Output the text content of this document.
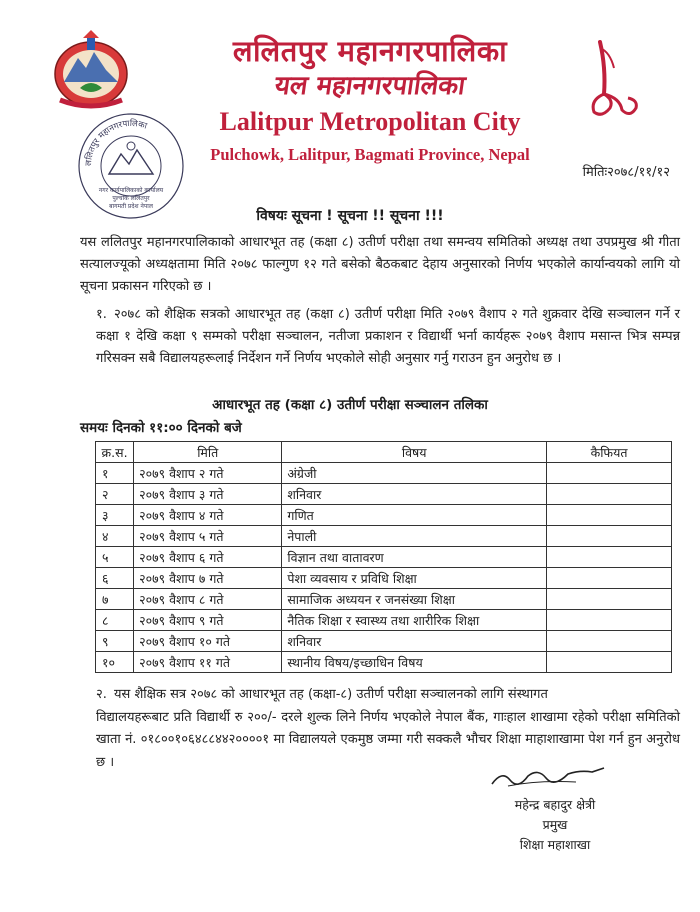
ललितपुर महानगरपालिका
नगर कार्यपालिकाको कार्यालय
पुल्चोक ललितपुर
बागमती प्रदेश नेपाल
ललितपुर महानगरपालिका
यल महानगरपालिका
Lalitpur Metropolitan City
Pulchowk, Lalitpur, Bagmati Province, Nepal
मितिः२०७८/११/१२
विषयः सूचना ! सूचना !! सूचना !!!
यस ललितपुर महानगरपालिकाको आधारभूत तह (कक्षा ८) उतीर्ण परीक्षा तथा समन्वय समितिको अध्यक्ष तथा उपप्रमुख श्री गीता सत्यालज्यूको अध्यक्षतामा मिति २०७८ फाल्गुण १२ गते बसेको बैठकबाट देहाय अनुसारको निर्णय भएकोले कार्यान्वयको लागि यो सूचना प्रकासन गरिएको छ ।
१. २०७८ को शैक्षिक सत्रको आधारभूत तह (कक्षा ८) उतीर्ण परीक्षा मिति २०७९ वैशाप २ गते शुक्रवार देखि सञ्चालन गर्ने र कक्षा १ देखि कक्षा ९ सम्मको परीक्षा सञ्चालन, नतीजा प्रकाशन र विद्यार्थी भर्ना कार्यहरू २०७९ वैशाप मसान्त भित्र सम्पन्न गरिसक्न सबै विद्यालयहरूलाई निर्देशन गर्ने निर्णय भएकोले सोही अनुसार गर्नु गराउन हुन अनुरोध छ ।
आधारभूत तह (कक्षा ८) उतीर्ण परीक्षा सञ्चालन तलिका
समयः दिनको ११:०० दिनको बजे
क्र.स.	मिति	विषय	कैफियत
१	२०७९ वैशाप २ गते	अंग्रेजी	
२	२०७९ वैशाप ३ गते	शनिवार	
३	२०७९ वैशाप ४ गते	गणित	
४	२०७९ वैशाप ५ गते	नेपाली	
५	२०७९ वैशाप ६ गते	विज्ञान तथा वातावरण	
६	२०७९ वैशाप ७ गते	पेशा व्यवसाय र प्रविधि शिक्षा	
७	२०७९ वैशाप ८ गते	सामाजिक अध्ययन र जनसंख्या शिक्षा	
८	२०७९ वैशाप ९ गते	नैतिक शिक्षा र स्वास्थ्य तथा शारीरिक शिक्षा	
९	२०७९ वैशाप १० गते	शनिवार	
१०	२०७९ वैशाप ११ गते	स्थानीय विषय/इच्छाधिन विषय	
२. यस शैक्षिक सत्र २०७८ को आधारभूत तह (कक्षा-८) उतीर्ण परीक्षा सञ्चालनको लागि संस्थागत
विद्यालयहरूबाट प्रति विद्यार्थी रु २००/- दरले शुल्क लिने निर्णय भएकोले नेपाल बैंक, गाःहाल शाखामा रहेको परीक्षा समितिको खाता नं. ०१८००१०६४८८४४२००००१ मा विद्यालयले एकमुष्ठ जम्मा गरी सक्कलै भौचर शिक्षा माहाशाखामा पेश गर्न हुन अनुरोध छ ।
महेन्द्र बहादुर क्षेत्री
प्रमुख
शिक्षा महाशाखा
